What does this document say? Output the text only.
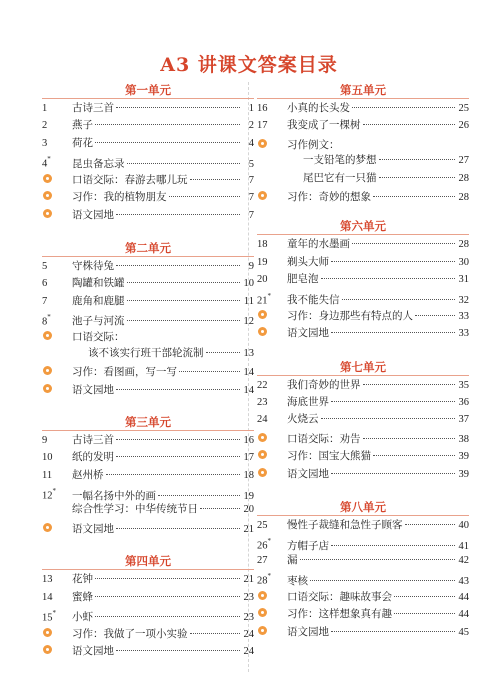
A3 讲课文答案目录
第一单元
1	古诗三首	1
2	燕子	2
3	荷花	4
4*	昆虫备忘录	5
口语交际：春游去哪儿玩	7
习作：我的植物朋友	7
语文园地	7
第二单元
5	守株待兔	9
6	陶罐和铁罐	10
7	鹿角和鹿腿	11
8*	池子与河流	12
口语交际：
该不该实行班干部轮流制	13
习作：看图画，写一写	14
语文园地	14
第三单元
9	古诗三首	16
10	纸的发明	17
11	赵州桥	18
12*	一幅名扬中外的画	19
综合性学习：中华传统节日	20
语文园地	21
第四单元
13	花钟	21
14	蜜蜂	23
15*	小虾	23
习作：我做了一项小实验	24
语文园地	24
第五单元
16	小真的长头发	25
17	我变成了一棵树	26
习作例文：
一支铅笔的梦想	27
尾巴它有一只猫	28
习作：奇妙的想象	28
第六单元
18	童年的水墨画	28
19	剃头大师	30
20	肥皂泡	31
21*	我不能失信	32
习作：身边那些有特点的人	33
语文园地	33
第七单元
22	我们奇妙的世界	35
23	海底世界	36
24	火烧云	37
口语交际：劝告	38
习作：国宝大熊猫	39
语文园地	39
第八单元
25	慢性子裁缝和急性子顾客	40
26*	方帽子店	41
27	漏	42
28*	枣核	43
口语交际：趣味故事会	44
习作：这样想象真有趣	44
语文园地	45
